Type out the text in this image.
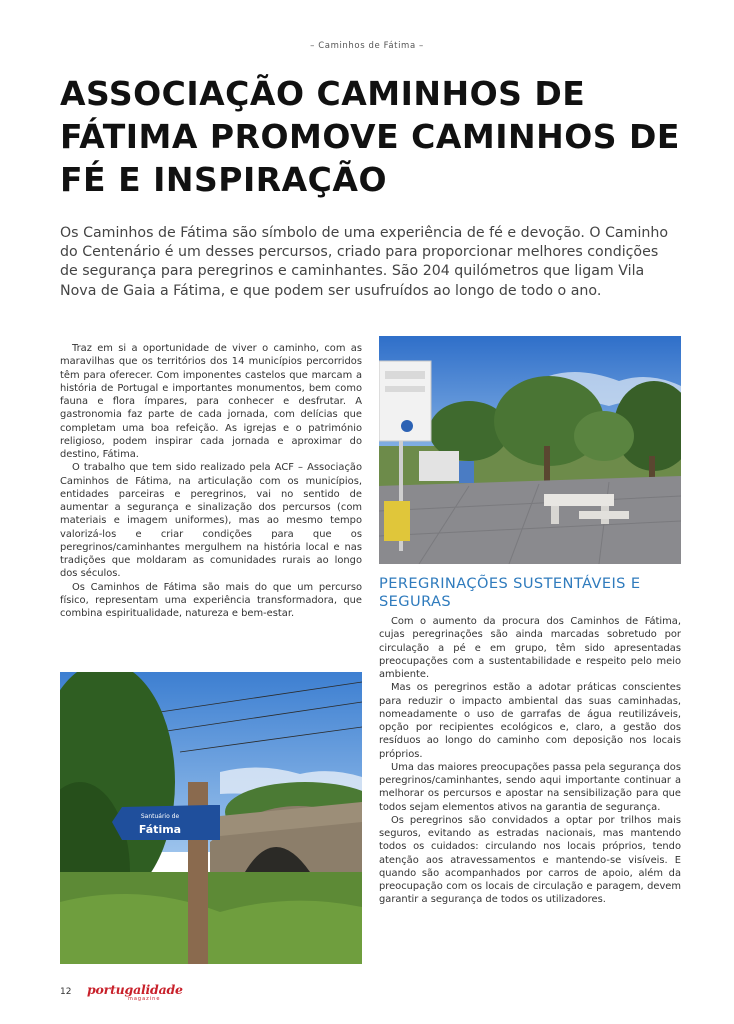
– Caminhos de Fátima –
ASSOCIAÇÃO CAMINHOS DE FÁTIMA PROMOVE CAMINHOS DE FÉ E INSPIRAÇÃO

Os Caminhos de Fátima são símbolo de uma experiência de fé e devoção. O Caminho do Centenário é um desses percursos, criado para proporcionar melhores condições de segurança para peregrinos e caminhantes. São 204 quilómetros que ligam Vila Nova de Gaia a Fátima, e que podem ser usufruídos ao longo de todo o ano.

Traz em si a oportunidade de viver o caminho, com as maravilhas que os territórios dos 14 municípios percorridos têm para oferecer. Com imponentes castelos que marcam a história de Portugal e importantes monumentos, bem como fauna e flora ímpares, para conhecer e desfrutar. A gastronomia faz parte de cada jornada, com delícias que completam uma boa refeição. As igrejas e o património religioso, podem inspirar cada jornada e aproximar do destino, Fátima.

O trabalho que tem sido realizado pela ACF – Associação Caminhos de Fátima, na articulação com os municípios, entidades parceiras e peregrinos, vai no sentido de aumentar a segurança e sinalização dos percursos (com materiais e imagem uniformes), mas ao mesmo tempo valorizá-los e criar condições para que os peregrinos/caminhantes mergulhem na história local e nas tradições que moldaram as comunidades rurais ao longo dos séculos.

Os Caminhos de Fátima são mais do que um percurso físico, representam uma experiência transformadora, que combina espiritualidade, natureza e bem-estar.

PEREGRINAÇÕES SUSTENTÁVEIS E SEGURAS

Com o aumento da procura dos Caminhos de Fátima, cujas peregrinações são ainda marcadas sobretudo por circulação a pé e em grupo, têm sido apresentadas preocupações com a sustentabilidade e respeito pelo meio ambiente.

Mas os peregrinos estão a adotar práticas conscientes para reduzir o impacto ambiental das suas caminhadas, nomeadamente o uso de garrafas de água reutilizáveis, opção por recipientes ecológicos e, claro, a gestão dos resíduos ao longo do caminho com deposição nos locais próprios.

Uma das maiores preocupações passa pela segurança dos peregrinos/caminhantes, sendo aqui importante continuar a melhorar os percursos e apostar na sensibilização para que todos sejam elementos ativos na garantia de segurança.

Os peregrinos são convidados a optar por trilhos mais seguros, evitando as estradas nacionais, mas mantendo todos os cuidados: circulando nos locais próprios, tendo atenção aos atravessamentos e mantendo-se visíveis. E quando são acompanhados por carros de apoio, além da preocupação com os locais de circulação e paragem, devem garantir a segurança de todos os utilizadores.

Santuário de
Fátima
12 portugalidade
magazine
